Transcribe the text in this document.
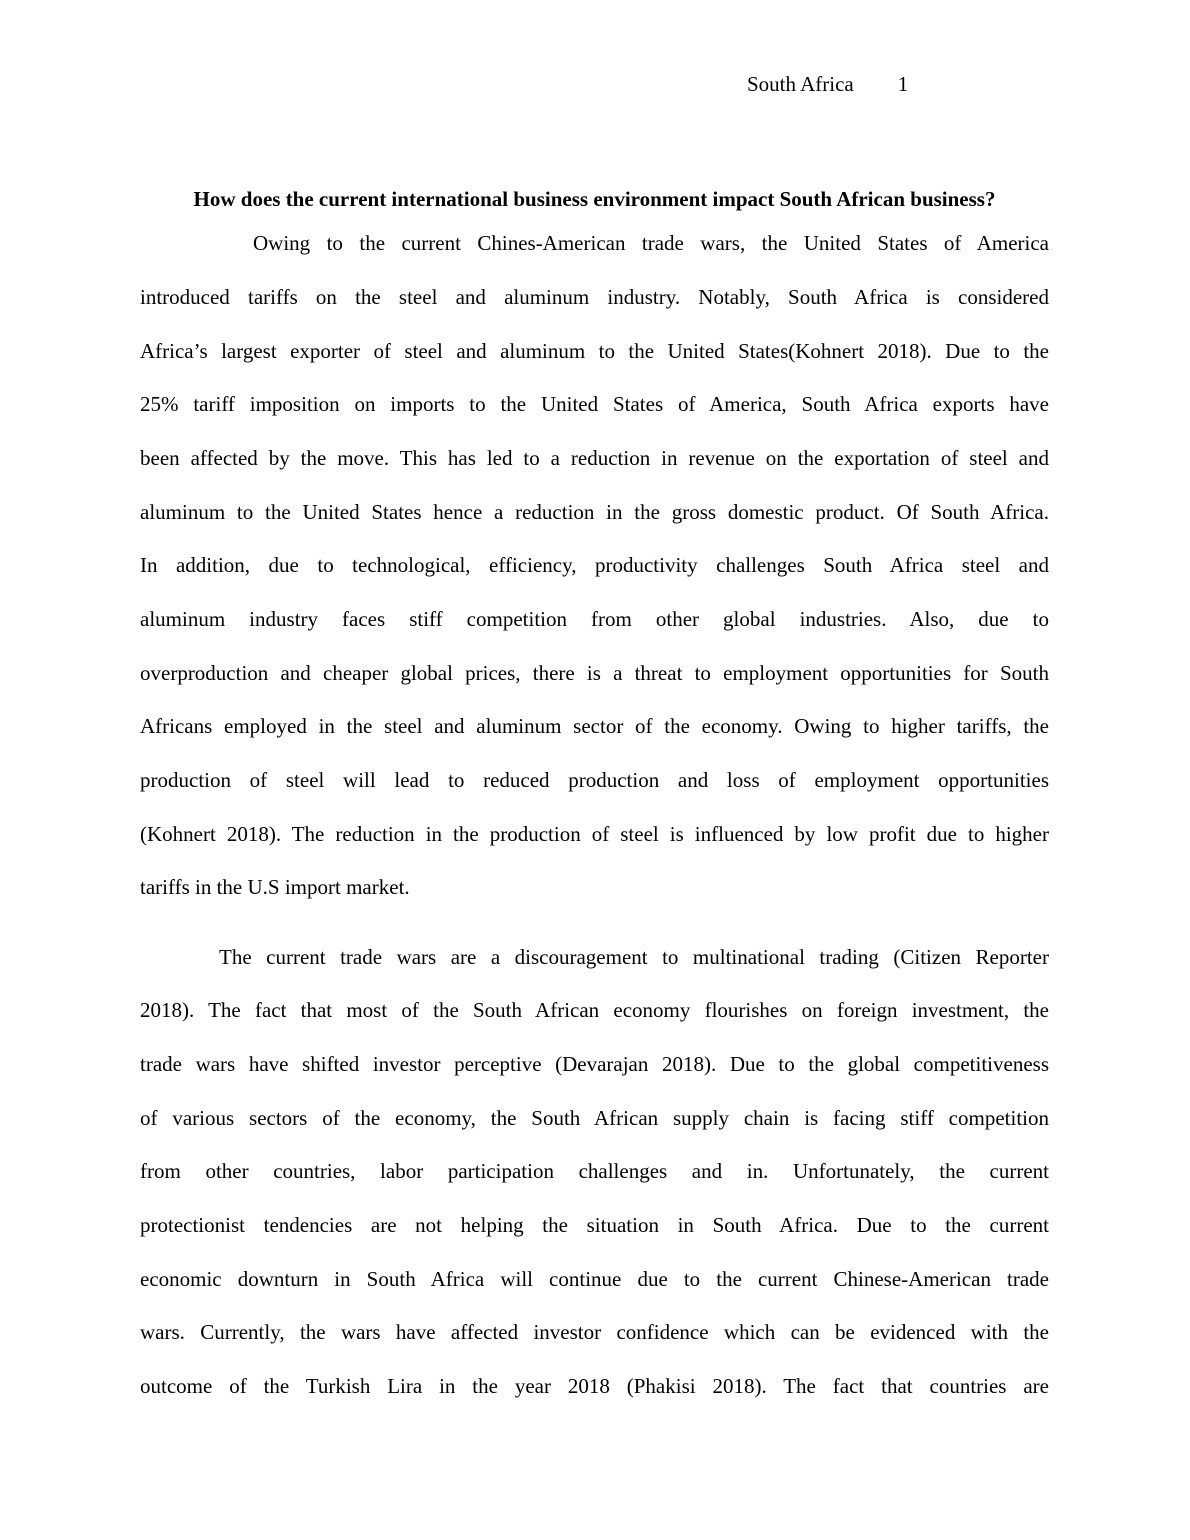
South Africa 1
How does the current international business environment impact South African business?
Owing to the current Chines-American trade wars, the United States of America
introduced tariffs on the steel and aluminum industry. Notably, South Africa is considered
Africa’s largest exporter of steel and aluminum to the United States(Kohnert 2018). Due to the
25% tariff imposition on imports to the United States of America, South Africa exports have
been affected by the move. This has led to a reduction in revenue on the exportation of steel and
aluminum to the United States hence a reduction in the gross domestic product. Of South Africa.
In addition, due to technological, efficiency, productivity challenges South Africa steel and
aluminum industry faces stiff competition from other global industries. Also, due to
overproduction and cheaper global prices, there is a threat to employment opportunities for South
Africans employed in the steel and aluminum sector of the economy. Owing to higher tariffs, the
production of steel will lead to reduced production and loss of employment opportunities
(Kohnert 2018). The reduction in the production of steel is influenced by low profit due to higher
tariffs in the U.S import market.
The current trade wars are a discouragement to multinational trading (Citizen Reporter
2018). The fact that most of the South African economy flourishes on foreign investment, the
trade wars have shifted investor perceptive (Devarajan 2018). Due to the global competitiveness
of various sectors of the economy, the South African supply chain is facing stiff competition
from other countries, labor participation challenges and in. Unfortunately, the current
protectionist tendencies are not helping the situation in South Africa. Due to the current
economic downturn in South Africa will continue due to the current Chinese-American trade
wars. Currently, the wars have affected investor confidence which can be evidenced with the
outcome of the Turkish Lira in the year 2018 (Phakisi 2018). The fact that countries are
